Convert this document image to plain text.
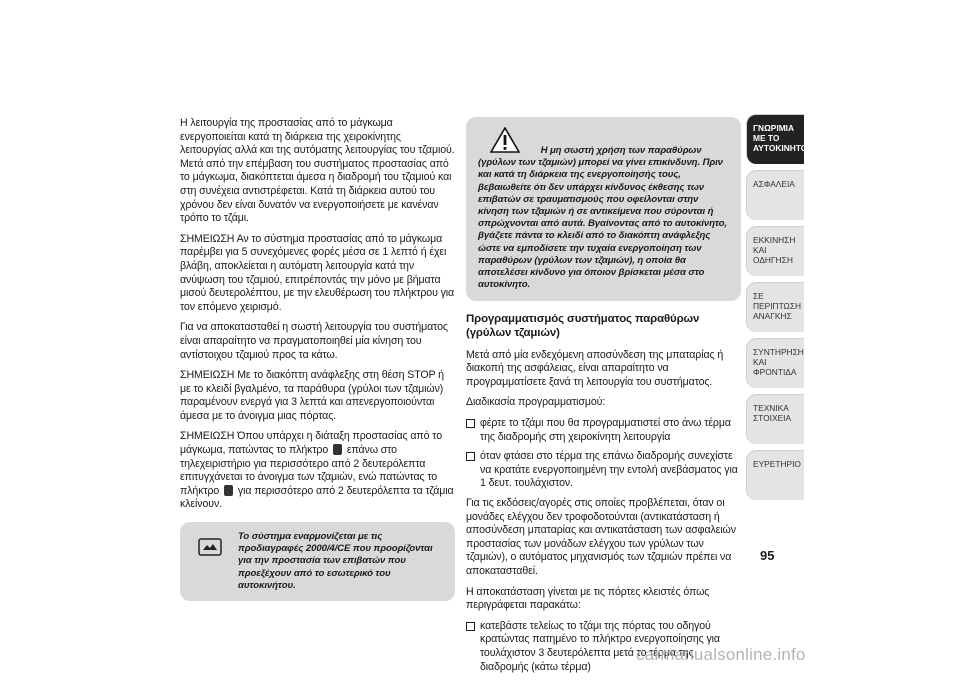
Η λειτουργία της προστασίας από το μάγκωμα ενεργοποιείται κατά τη διάρκεια της χειροκίνητης λειτουργίας αλλά και της αυτόματης λειτουργίας του τζαμιού. Μετά από την επέμβαση του συστήματος προστασίας από το μάγκωμα, διακόπτεται άμεσα η διαδρομή του τζαμιού και στη συνέχεια αντιστρέφεται. Κατά τη διάρκεια αυτού του χρόνου δεν είναι δυνατόν να ενεργοποιήσετε με κανέναν τρόπο το τζάμι.

ΣΗΜΕΙΩΣΗ Αν το σύστημα προστασίας από το μάγκωμα παρέμβει για 5 συνεχόμενες φορές μέσα σε 1 λεπτό ή έχει βλάβη, αποκλείεται η αυτόματη λειτουργία κατά την ανύψωση του τζαμιού, επιτρέποντάς την μόνο με βήματα μισού δευτερολέπτου, με την ελευθέρωση του πλήκτρου για τον επόμενο χειρισμό.

Για να αποκατασταθεί η σωστή λειτουργία του συστήματος είναι απαραίτητο να πραγματοποιηθεί μία κίνηση του αντίστοιχου τζαμιού προς τα κάτω.

ΣΗΜΕΙΩΣΗ Με το διακόπτη ανάφλεξης στη θέση STOP ή με το κλειδί βγαλμένο, τα παράθυρα (γρύλοι των τζαμιών) παραμένουν ενεργά για 3 λεπτά και απενεργοποιούνται άμεσα με το άνοιγμα μιας πόρτας.

ΣΗΜΕΙΩΣΗ Όπου υπάρχει η διάταξη προστασίας από το μάγκωμα, πατώντας το πλήκτρο επάνω στο τηλεχειριστήριο για περισσότερο από 2 δευτερόλεπτα επιτυγχάνεται το άνοιγμα των τζαμιών, ενώ πατώντας το πλήκτρο για περισσότερο από 2 δευτερόλεπτα τα τζάμια κλείνουν.

Το σύστημα εναρμονίζεται με τις προδιαγραφές 2000/4/CE που προορίζονται για την προστασία των επιβατών που προεξέχουν από το εσωτερικό του αυτοκινήτου.
Η μη σωστή χρήση των παραθύρων (γρύλων των τζαμιών) μπορεί να γίνει επικίνδυνη. Πριν και κατά τη διάρκεια της ενεργοποίησής τους, βεβαιωθείτε ότι δεν υπάρχει κίνδυνος έκθεσης των επιβατών σε τραυματισμούς που οφείλονται στην κίνηση των τζαμιών ή σε αντικείμενα που σύρονται ή σπρώχνονται από αυτά. Βγαίνοντας από το αυτοκίνητο, βγάζετε πάντα το κλειδί από το διακόπτη ανάφλεξης ώστε να εμποδίσετε την τυχαία ενεργοποίηση των παραθύρων (γρύλων των τζαμιών), η οποία θα αποτελέσει κίνδυνο για όποιον βρίσκεται μέσα στο αυτοκίνητο.
Προγραμματισμός συστήματος παραθύρων (γρύλων τζαμιών)

Μετά από μία ενδεχόμενη αποσύνδεση της μπαταρίας ή διακοπή της ασφάλειας, είναι απαραίτητο να προγραμματίσετε ξανά τη λειτουργία του συστήματος.

Διαδικασία προγραμματισμού:

φέρτε το τζάμι που θα προγραμματιστεί στο άνω τέρμα της διαδρομής στη χειροκίνητη λειτουργία
όταν φτάσει στο τέρμα της επάνω διαδρομής συνεχίστε να κρατάτε ενεργοποιημένη την εντολή ανεβάσματος για 1 δευτ. τουλάχιστον.

Για τις εκδόσεις/αγορές στις οποίες προβλέπεται, όταν οι μονάδες ελέγχου δεν τροφοδοτούνται (αντικατάσταση ή αποσύνδεση μπαταρίας και αντικατάσταση των ασφαλειών προστασίας των μονάδων ελέγχου των γρύλων των τζαμιών), ο αυτόματος μηχανισμός των τζαμιών πρέπει να αποκατασταθεί.

Η αποκατάσταση γίνεται με τις πόρτες κλειστές όπως περιγράφεται παρακάτω:

κατεβάστε τελείως το τζάμι της πόρτας του οδηγού κρατώντας πατημένο το πλήκτρο ενεργοποίησης για τουλάχιστον 3 δευτερόλεπτα μετά το τέρμα της διαδρομής (κάτω τέρμα)
ΓΝΩΡΙΜΙΑ ΜΕ ΤΟ ΑΥΤΟΚΙΝΗΤΟ
ΑΣΦΑΛΕΙΑ
ΕΚΚΙΝΗΣΗ ΚΑΙ ΟΔΗΓΗΣΗ
ΣΕ ΠΕΡΙΠΤΩΣΗ ΑΝΑΓΚΗΣ
ΣΥΝΤΗΡΗΣΗ ΚΑΙ ΦΡΟΝΤΙΔΑ
ΤΕΧΝΙΚΑ ΣΤΟΙΧΕΙΑ
ΕΥΡΕΤΗΡΙΟ
95
carmanualsonline.info
